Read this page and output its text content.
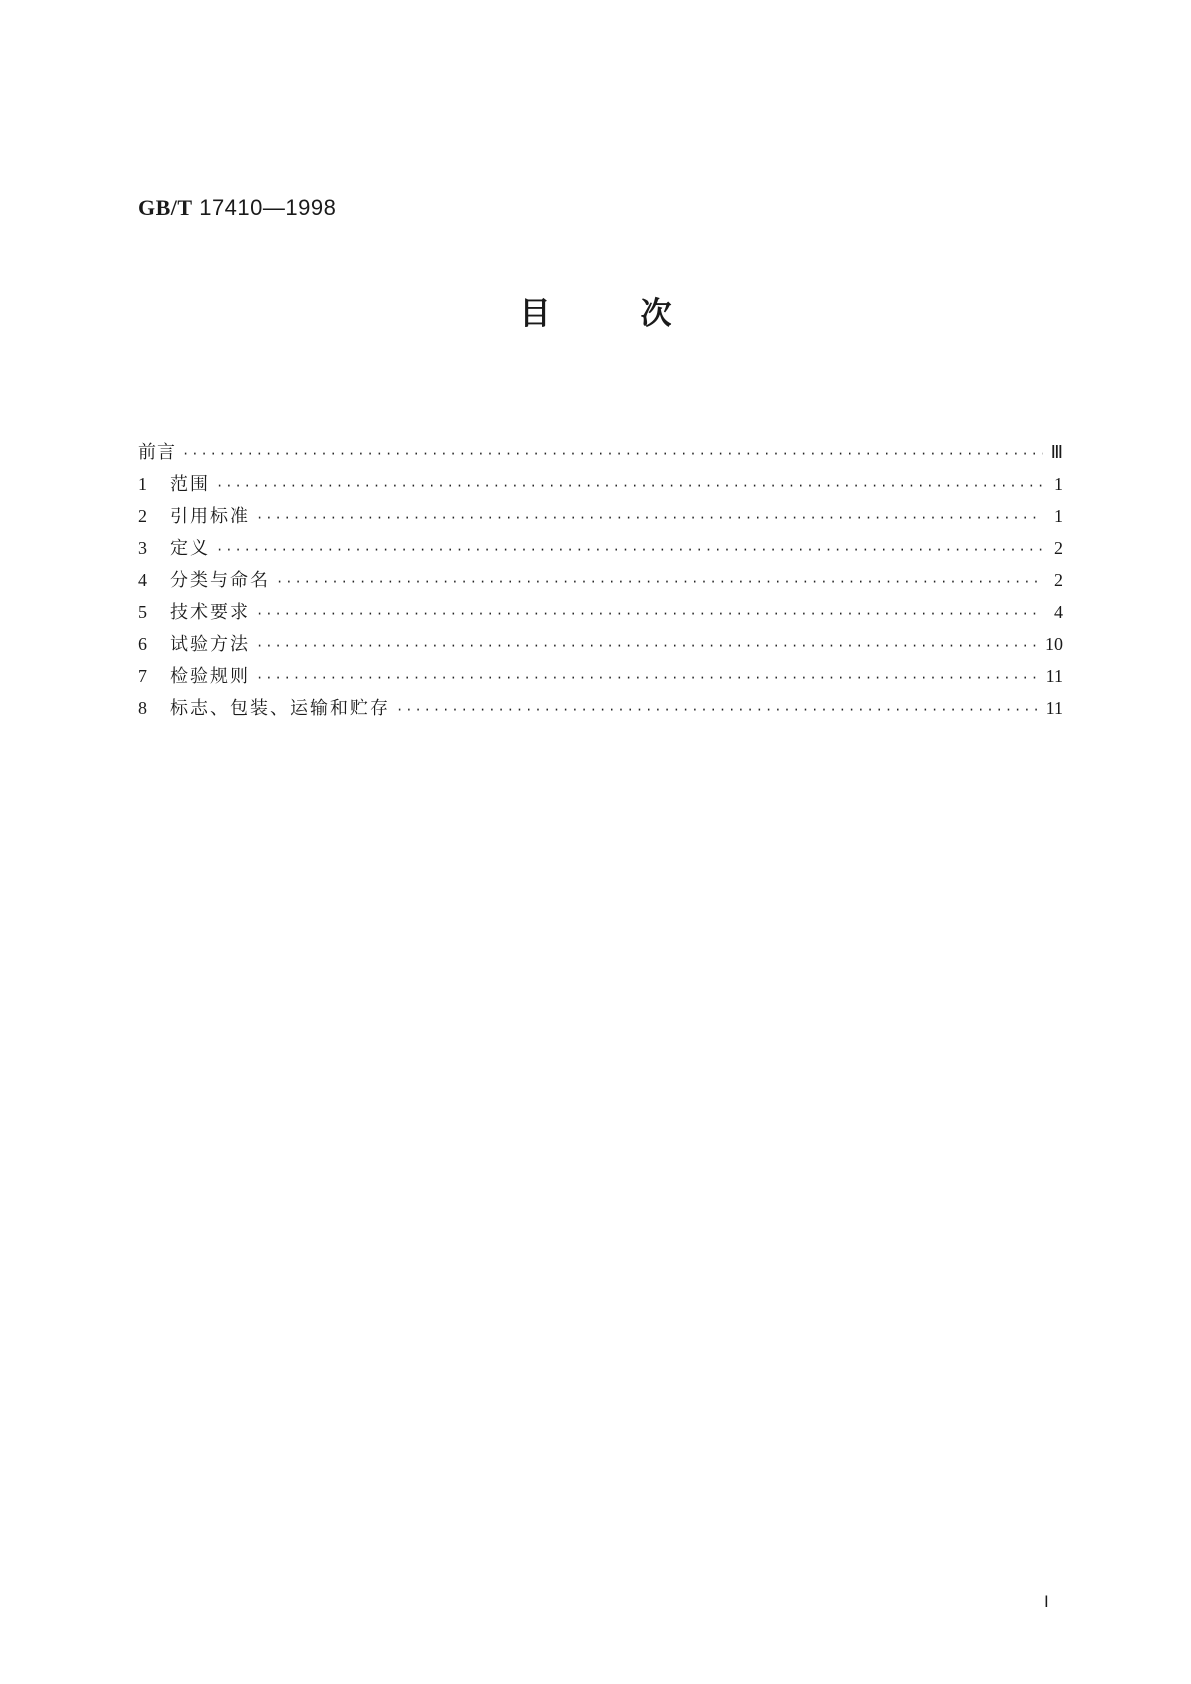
GB/T 17410—1998
目次
前言 ·····	Ⅲ
1	范围 ·····	1
2	引用标准 ·····	1
3	定义 ·····	2
4	分类与命名 ·····	2
5	技术要求 ·····	4
6	试验方法 ·····	10
7	检验规则 ·····	11
8	标志、包装、运输和贮存 ·····	11
Ⅰ
